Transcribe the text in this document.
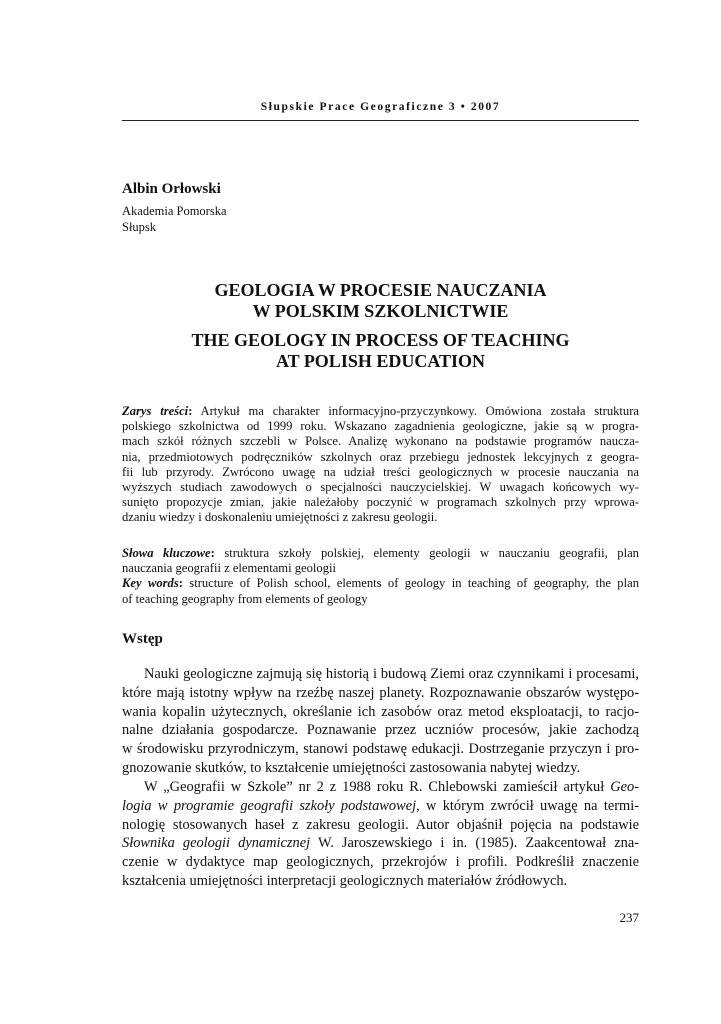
Słupskie Prace Geograficzne 3 • 2007
Albin Orłowski
Akademia Pomorska
Słupsk
GEOLOGIA W PROCESIE NAUCZANIA
W POLSKIM SZKOLNICTWIE
THE GEOLOGY IN PROCESS OF TEACHING
AT POLISH EDUCATION
Zarys treści: Artykuł ma charakter informacyjno-przyczynkowy. Omówiona została struktura
polskiego szkolnictwa od 1999 roku. Wskazano zagadnienia geologiczne, jakie są w progra-
mach szkół różnych szczebli w Polsce. Analizę wykonano na podstawie programów naucza-
nia, przedmiotowych podręczników szkolnych oraz przebiegu jednostek lekcyjnych z geogra-
fii lub przyrody. Zwrócono uwagę na udział treści geologicznych w procesie nauczania na
wyższych studiach zawodowych o specjalności nauczycielskiej. W uwagach końcowych wy-
sunięto propozycje zmian, jakie należałoby poczynić w programach szkolnych przy wprowa-
dzaniu wiedzy i doskonaleniu umiejętności z zakresu geologii.
Słowa kluczowe: struktura szkoły polskiej, elementy geologii w nauczaniu geografii, plan
nauczania geografii z elementami geologii
Key words: structure of Polish school, elements of geology in teaching of geography, the plan
of teaching geography from elements of geology
Wstęp
Nauki geologiczne zajmują się historią i budową Ziemi oraz czynnikami i procesami,
które mają istotny wpływ na rzeźbę naszej planety. Rozpoznawanie obszarów występo-
wania kopalin użytecznych, określanie ich zasobów oraz metod eksploatacji, to racjo-
nalne działania gospodarcze. Poznawanie przez uczniów procesów, jakie zachodzą
w środowisku przyrodniczym, stanowi podstawę edukacji. Dostrzeganie przyczyn i pro-
gnozowanie skutków, to kształcenie umiejętności zastosowania nabytej wiedzy.
W „Geografii w Szkole” nr 2 z 1988 roku R. Chlebowski zamieścił artykuł Geo-
logia w programie geografii szkoły podstawowej, w którym zwrócił uwagę na termi-
nologię stosowanych haseł z zakresu geologii. Autor objaśnił pojęcia na podstawie
Słownika geologii dynamicznej W. Jaroszewskiego i in. (1985). Zaakcentował zna-
czenie w dydaktyce map geologicznych, przekrojów i profili. Podkreślił znaczenie
kształcenia umiejętności interpretacji geologicznych materiałów źródłowych.
237
